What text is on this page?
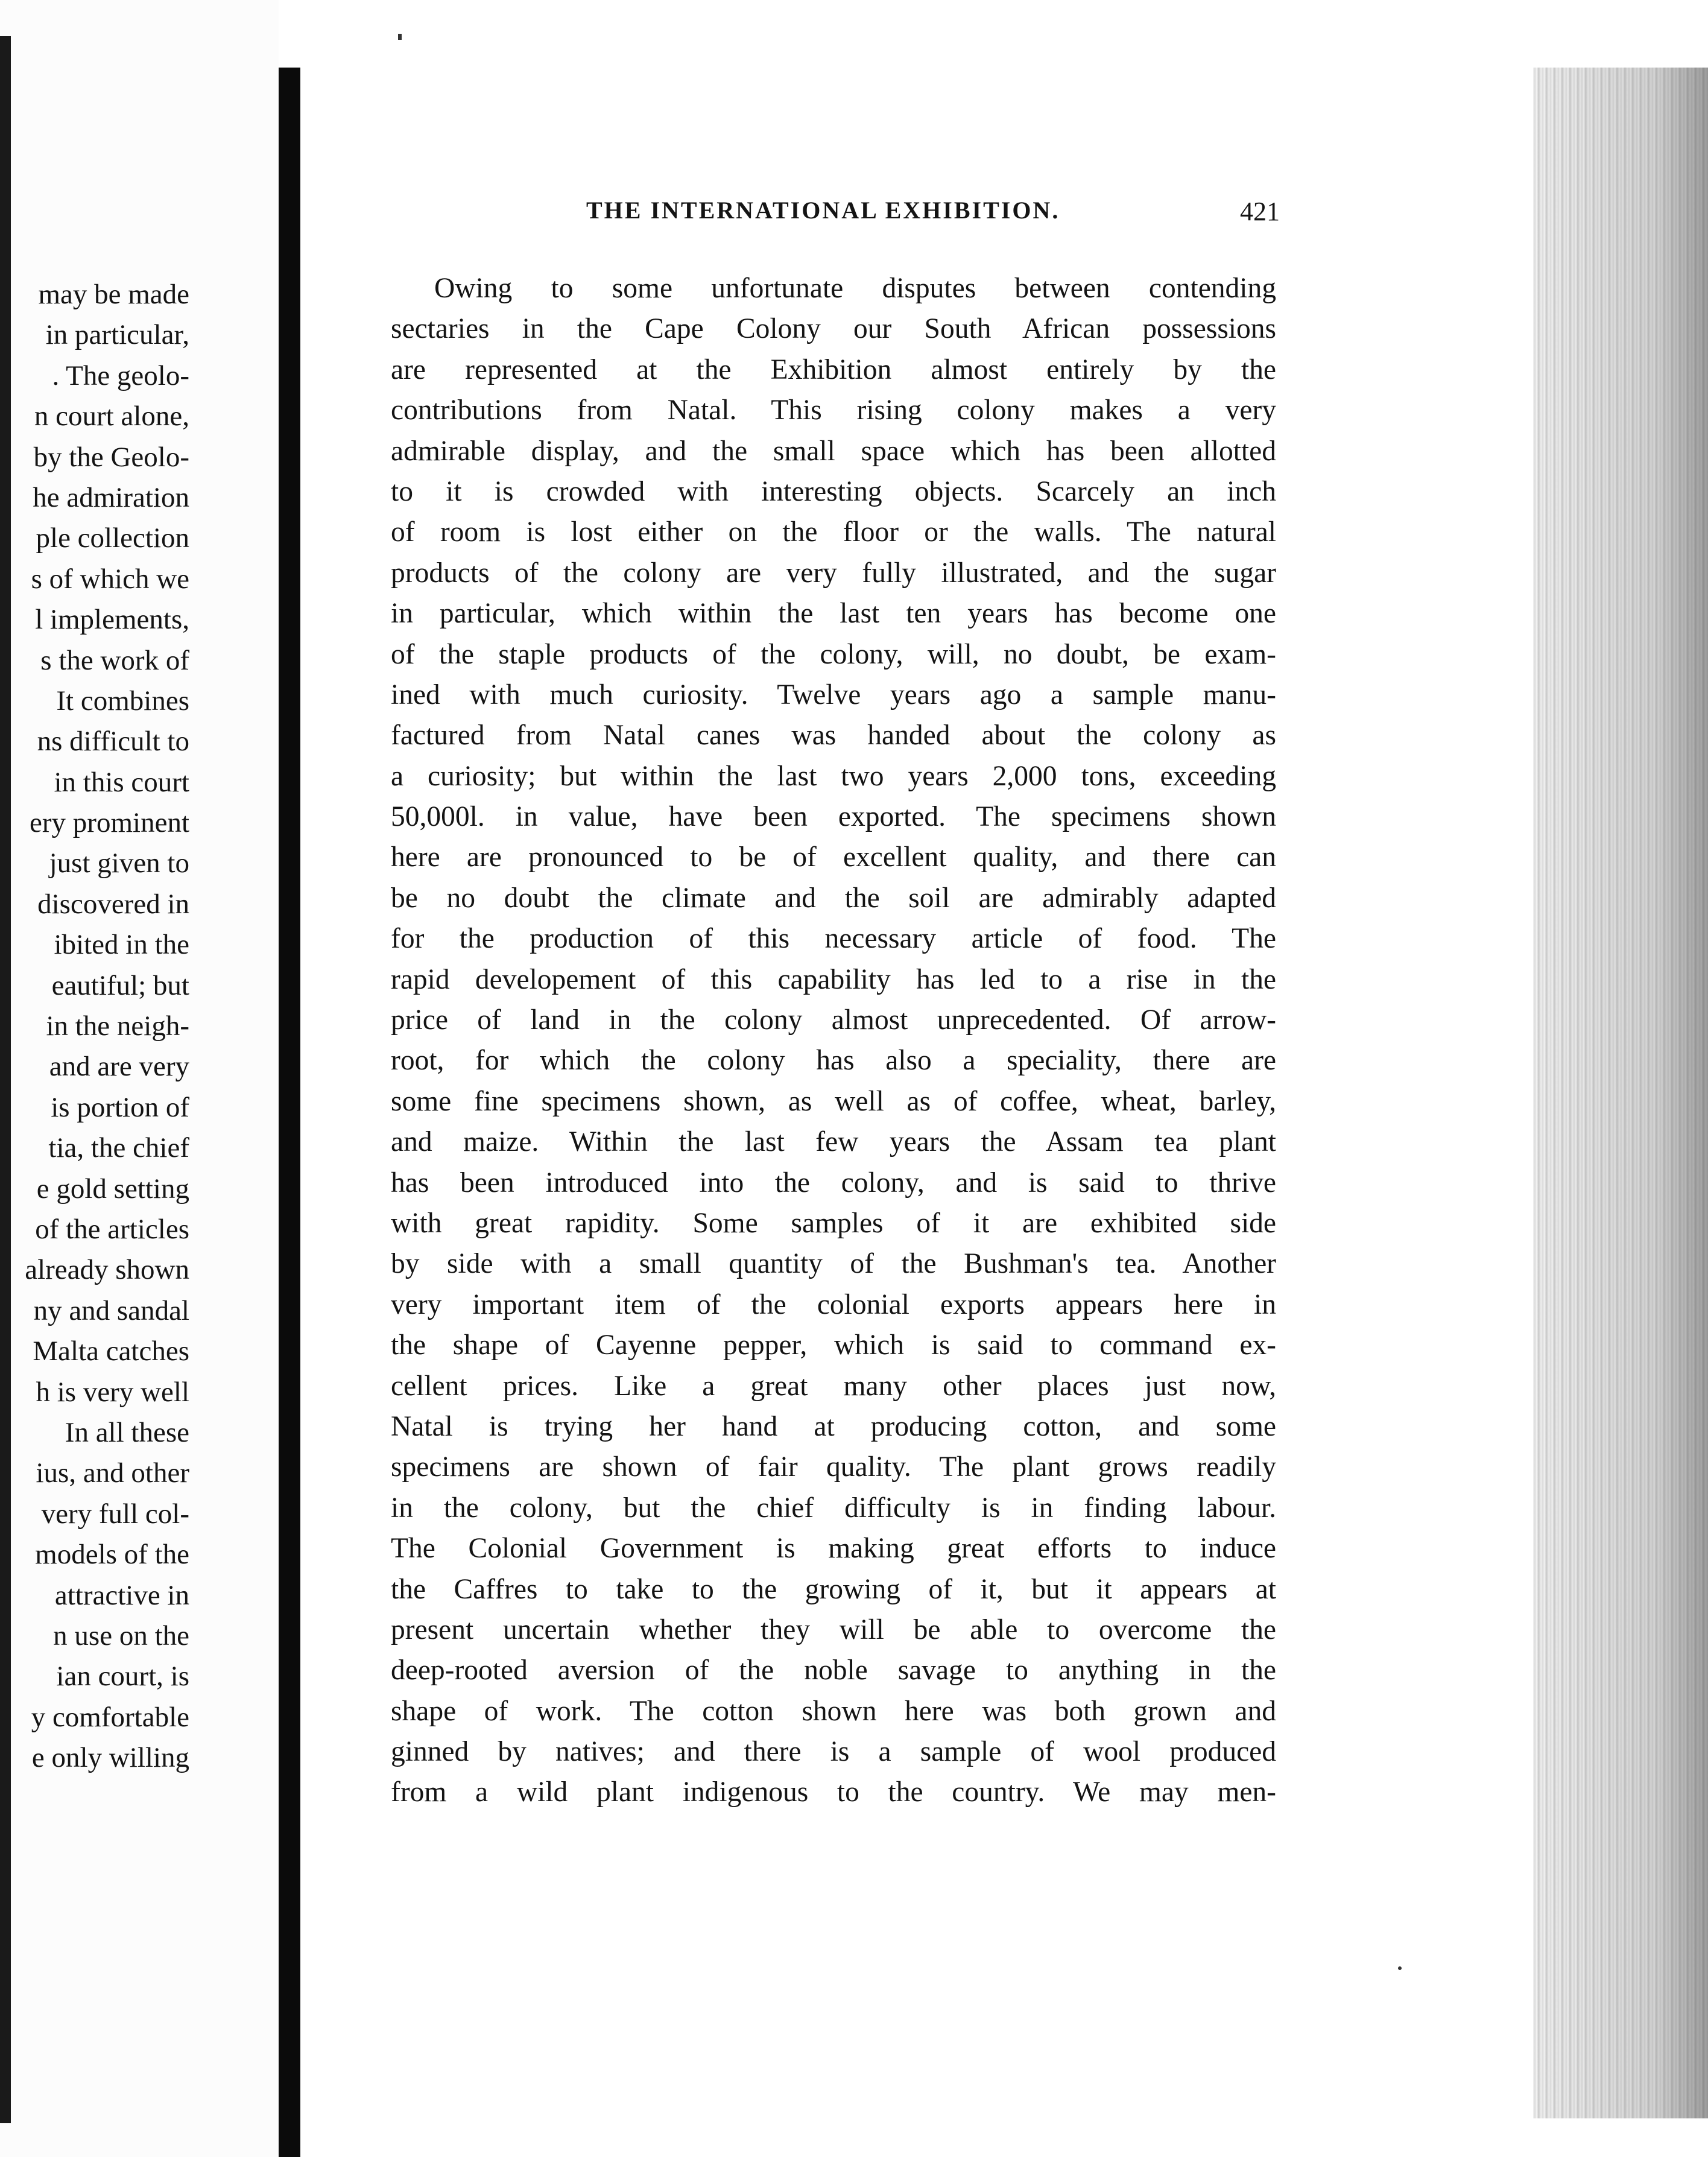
may be made
in particular,
. The geolo-
n court alone,
by the Geolo-
he admiration
ple collection
s of which we
l implements,
s the work of
It combines
ns difficult to
in this court
ery prominent
just given to
discovered in
ibited in the
eautiful; but
in the neigh-
and are very
is portion of
tia, the chief
e gold setting
of the articles
already shown
ny and sandal
Malta catches
h is very well
In all these
ius, and other
very full col-
models of the
attractive in
n use on the
ian court, is
y comfortable
e only willing
THE INTERNATIONAL EXHIBITION.	421
Owing to some unfortunate disputes between contending
sectaries in the Cape Colony our South African possessions
are represented at the Exhibition almost entirely by the
contributions from Natal. This rising colony makes a very
admirable display, and the small space which has been allotted
to it is crowded with interesting objects. Scarcely an inch
of room is lost either on the floor or the walls. The natural
products of the colony are very fully illustrated, and the sugar
in particular, which within the last ten years has become one
of the staple products of the colony, will, no doubt, be exam-
ined with much curiosity. Twelve years ago a sample manu-
factured from Natal canes was handed about the colony as
a curiosity; but within the last two years 2,000 tons, exceeding
50,000l. in value, have been exported. The specimens shown
here are pronounced to be of excellent quality, and there can
be no doubt the climate and the soil are admirably adapted
for the production of this necessary article of food. The
rapid developement of this capability has led to a rise in the
price of land in the colony almost unprecedented. Of arrow-
root, for which the colony has also a speciality, there are
some fine specimens shown, as well as of coffee, wheat, barley,
and maize. Within the last few years the Assam tea plant
has been introduced into the colony, and is said to thrive
with great rapidity. Some samples of it are exhibited side
by side with a small quantity of the Bushman's tea. Another
very important item of the colonial exports appears here in
the shape of Cayenne pepper, which is said to command ex-
cellent prices. Like a great many other places just now,
Natal is trying her hand at producing cotton, and some
specimens are shown of fair quality. The plant grows readily
in the colony, but the chief difficulty is in finding labour.
The Colonial Government is making great efforts to induce
the Caffres to take to the growing of it, but it appears at
present uncertain whether they will be able to overcome the
deep-rooted aversion of the noble savage to anything in the
shape of work. The cotton shown here was both grown and
ginned by natives; and there is a sample of wool produced
from a wild plant indigenous to the country. We may men-
